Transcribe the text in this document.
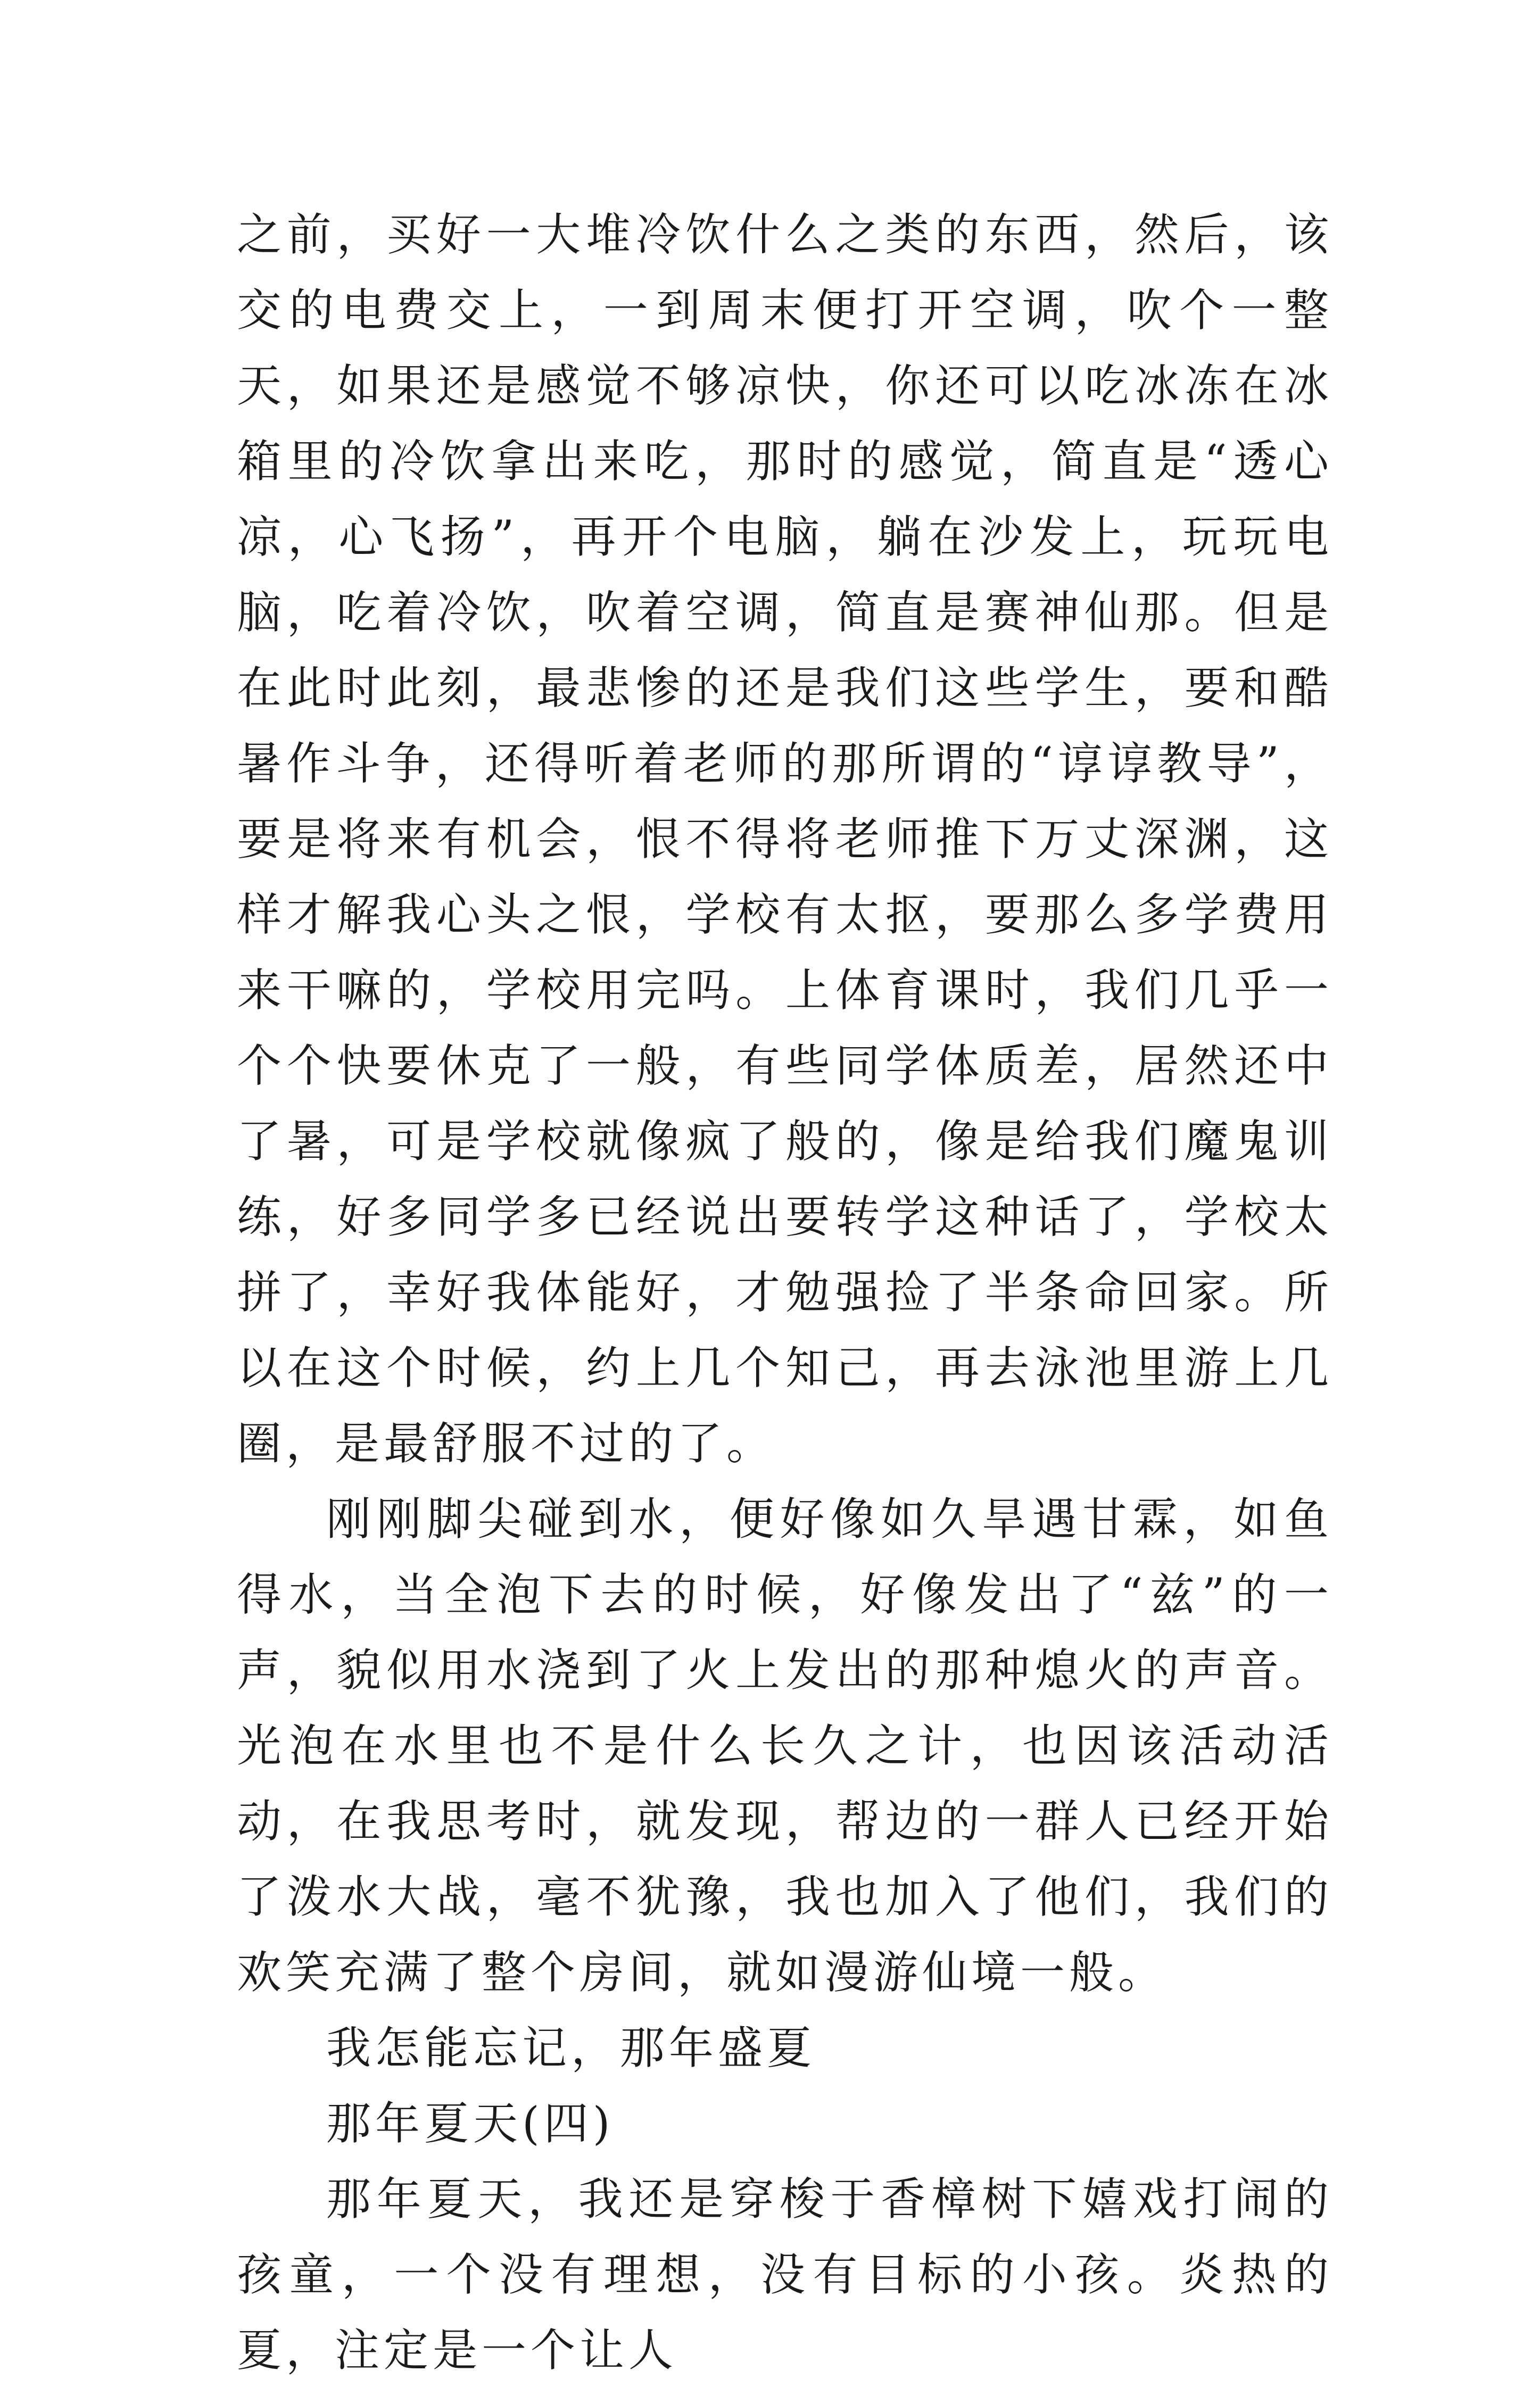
之前，买好一大堆冷饮什么之类的东西，然后，该交的电费交上，一到周末便打开空调，吹个一整天，如果还是感觉不够凉快，你还可以吃冰冻在冰箱里的冷饮拿出来吃，那时的感觉，简直是“透心凉，心飞扬”，再开个电脑，躺在沙发上，玩玩电脑，吃着冷饮，吹着空调，简直是赛神仙那。但是在此时此刻，最悲惨的还是我们这些学生，要和酷暑作斗争，还得听着老师的那所谓的“谆谆教导”，要是将来有机会，恨不得将老师推下万丈深渊，这样才解我心头之恨，学校有太抠，要那么多学费用来干嘛的，学校用完吗。上体育课时，我们几乎一个个快要休克了一般，有些同学体质差，居然还中了暑，可是学校就像疯了般的，像是给我们魔鬼训练，好多同学多已经说出要转学这种话了，学校太拼了，幸好我体能好，才勉强捡了半条命回家。所以在这个时候，约上几个知己，再去泳池里游上几圈，是最舒服不过的了。

刚刚脚尖碰到水，便好像如久旱遇甘霖，如鱼得水，当全泡下去的时候，好像发出了“兹”的一声，貌似用水浇到了火上发出的那种熄火的声音。光泡在水里也不是什么长久之计，也因该活动活动，在我思考时，就发现，帮边的一群人已经开始了泼水大战，毫不犹豫，我也加入了他们，我们的欢笑充满了整个房间，就如漫游仙境一般。

我怎能忘记，那年盛夏

那年夏天(四)

那年夏天，我还是穿梭于香樟树下嬉戏打闹的孩童，一个没有理想，没有目标的小孩。炎热的夏，注定是一个让人
